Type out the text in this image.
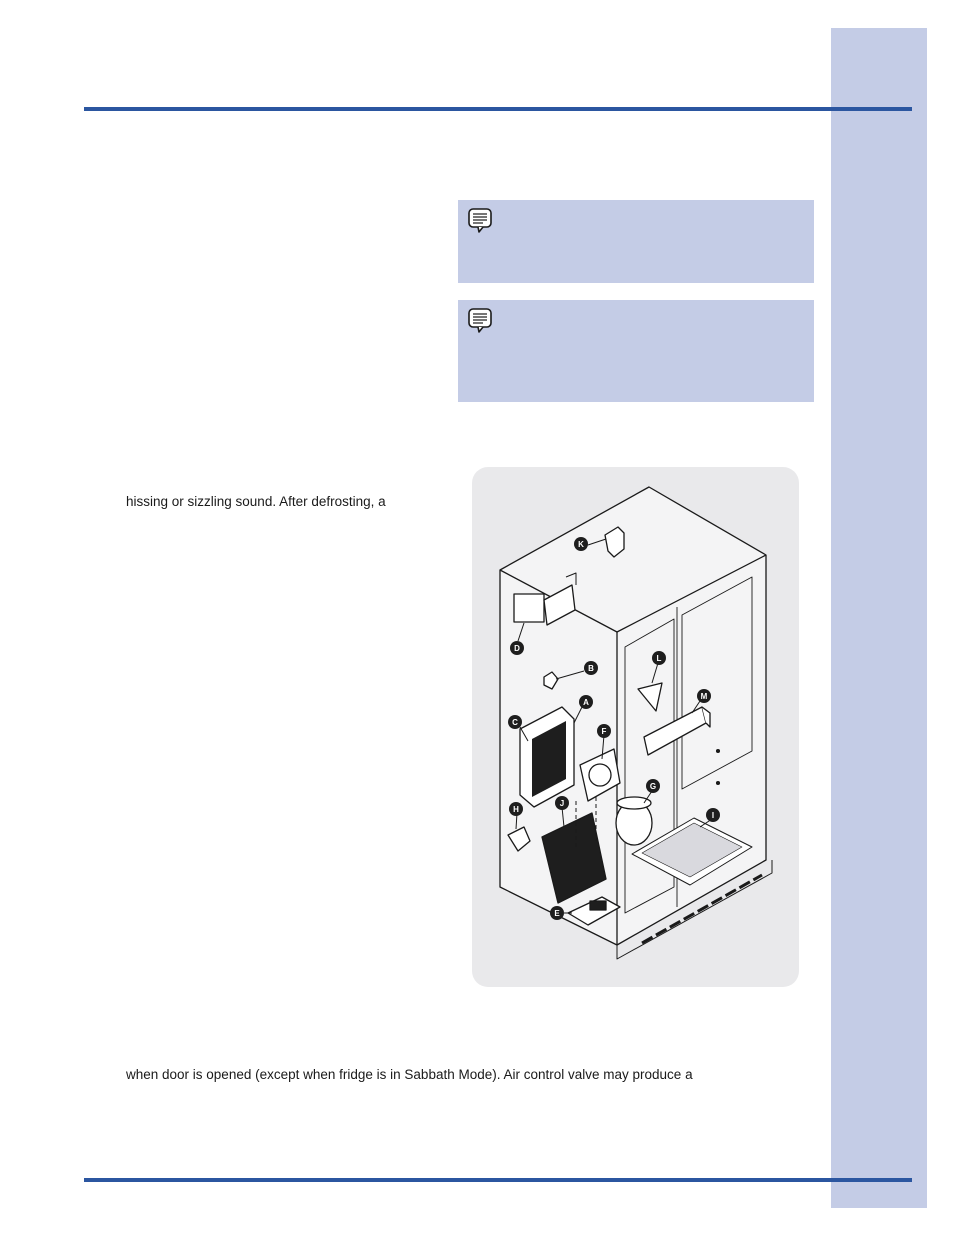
hissing or sizzling sound. After defrosting, a
A
B
C
D
E
F
G
H
I
J
K
L
M
when door is opened (except when fridge is in Sabbath Mode). Air control valve may produce a
